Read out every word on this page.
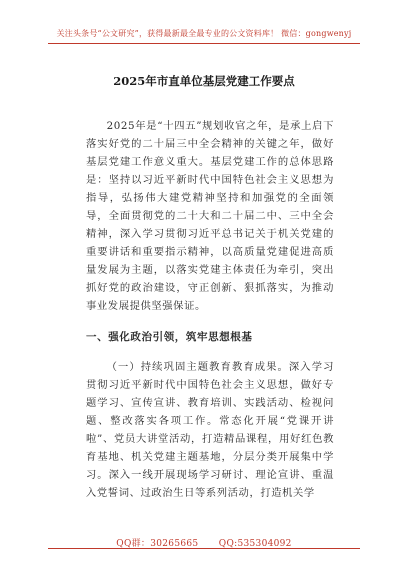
关注头条号“公文研究”，获得最新最全最专业的公文资料库！ 微信：gongwenyj
2025年市直单位基层党建工作要点

2025年是“十四五”规划收官之年，是承上启下落实好党的二十届三中全会精神的关键之年，做好基层党建工作意义重大。基层党建工作的总体思路是：坚持以习近平新时代中国特色社会主义思想为指导，弘扬伟大建党精神坚持和加强党的全面领导，全面贯彻党的二十大和二十届二中、三中全会精神，深入学习贯彻习近平总书记关于机关党建的重要讲话和重要指示精神，以高质量党建促进高质量发展为主题，以落实党建主体责任为牵引，突出抓好党的政治建设，守正创新、狠抓落实，为推动事业发展提供坚强保证。

一、强化政治引领，筑牢思想根基

（一）持续巩固主题教育教育成果。深入学习贯彻习近平新时代中国特色社会主义思想，做好专题学习、宣传宣讲、教育培训、实践活动、检视问题、整改落实各项工作。常态化开展“党课开讲啦”、党员大讲堂活动，打造精品课程，用好红色教育基地、机关党建主题基地，分层分类开展集中学习。深入一线开展现场学习研讨、理论宣讲、重温入党誓词、过政治生日等系列活动，打造机关学

QQ群：30265665 QQ:535304092
